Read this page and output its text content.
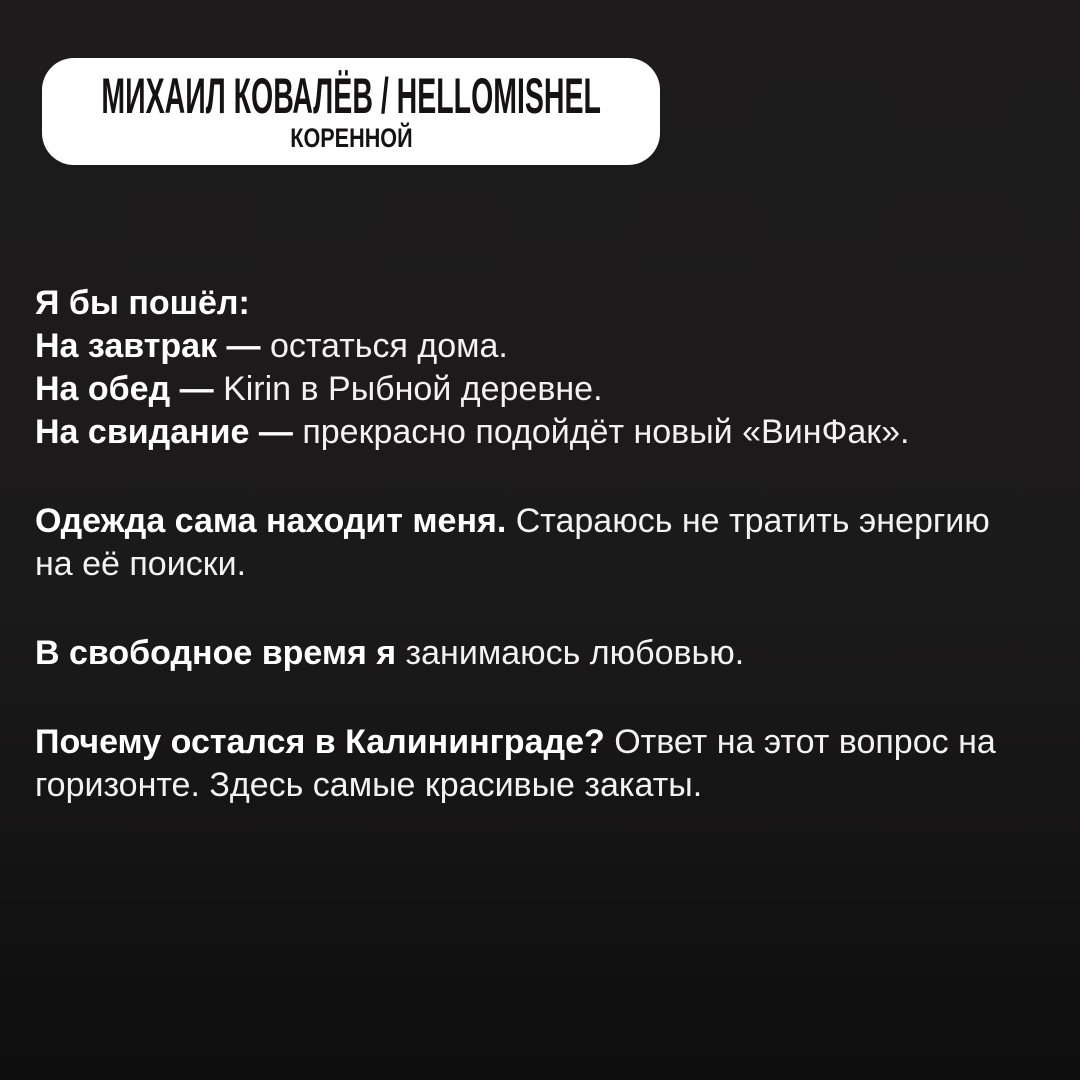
МИХАИЛ КОВАЛЁВ / HELLOMISHEL
КОРЕННОЙ

Я бы пошёл:
На завтрак — остаться дома.
На обед — Kirin в Рыбной деревне.
На свидание — прекрасно подойдёт новый «ВинФак».

Одежда сама находит меня. Стараюсь не тратить энергию на её поиски.

В свободное время я занимаюсь любовью.

Почему остался в Калининграде? Ответ на этот вопрос на горизонте. Здесь самые красивые закаты.
